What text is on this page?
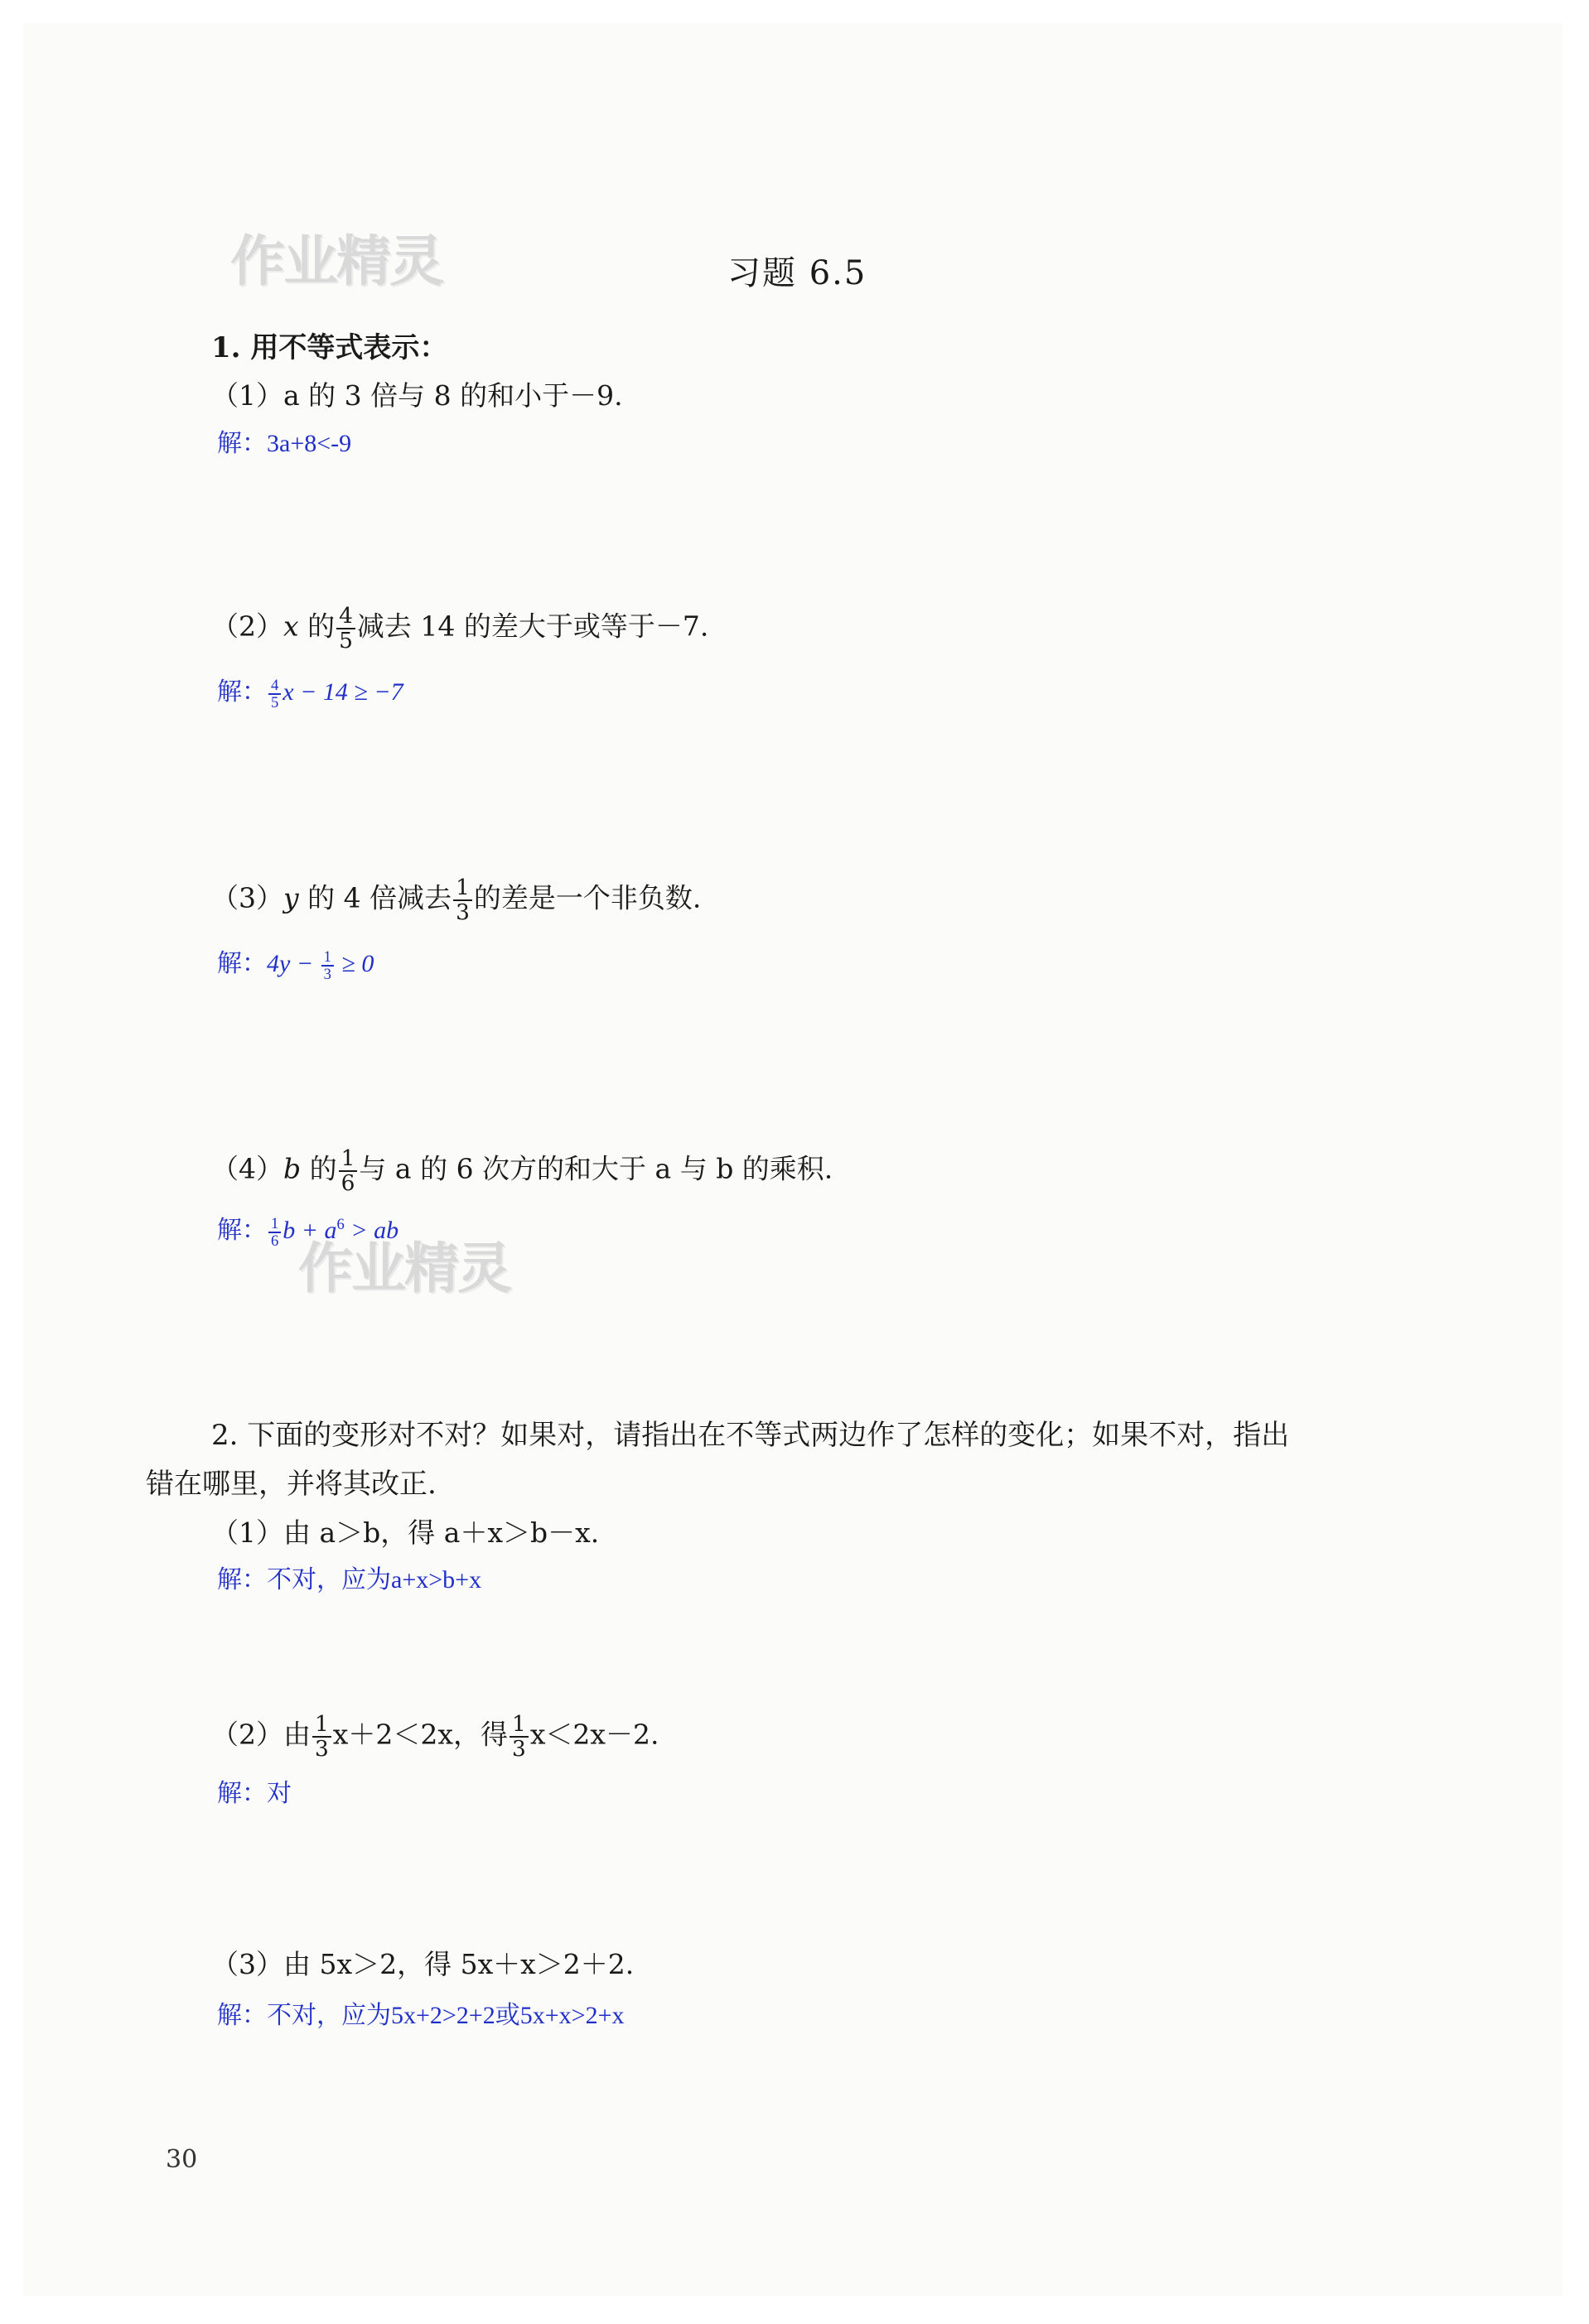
作业精灵
作业精灵
习题 6.5
1. 用不等式表示：
（1）a 的 3 倍与 8 的和小于－9.
解：3a+8<-9
（2）x 的 $\frac{4}{5}$ 减去 14 的差大于或等于－7.
解： $\frac{4}{5}$ x − 14 ≥ −7
（3）y 的 4 倍减去 $\frac{1}{3}$ 的差是一个非负数.
解：$4y - \frac{1}{3} \ge 0$
（4）b 的 $\frac{1}{6}$ 与 a 的 6 次方的和大于 a 与 b 的乘积.
解： $\frac{1}{6}$ $b + a^6$ > ab
2. 下面的变形对不对？如果对，请指出在不等式两边作了怎样的变化；如果不对，指出
错在哪里，并将其改正.
（1）由 a＞b，得 a＋x＞b－x.
解：不对，应为a+x>b+x
（2）由 $\frac{1}{3} x+2<2x$，得 $\frac{1}{3} x<2x-2$.
解：对
（3）由 5x＞2，得 5x＋x＞2＋2.
解：不对，应为5x+2>2+2或5x+x>2+x
30
